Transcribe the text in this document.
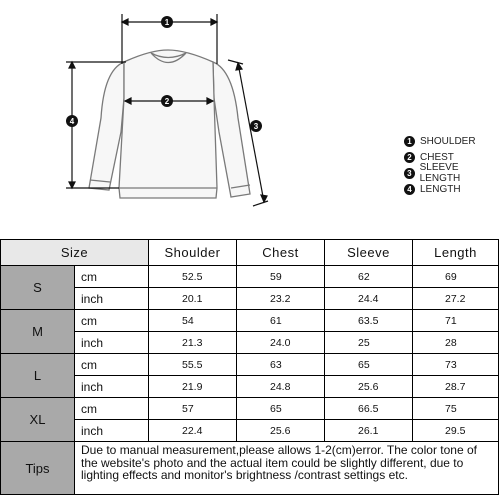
1
2
3
4
1 SHOULDER
2 CHEST
3 SLEEVE LENGTH
4 LENGTH
Size		Shoulder	Chest	Sleeve	Length
S	cm	52.5	59	62	69
	inch	20.1	23.2	24.4	27.2
M	cm	54	61	63.5	71
	inch	21.3	24.0	25	28
L	cm	55.5	63	65	73
	inch	21.9	24.8	25.6	28.7
XL	cm	57	65	66.5	75
	inch	22.4	25.6	26.1	29.5
Tips	Due to manual measurement,please allows 1-2(cm)error. The color tone of the website's photo and the actual item could be slightly different, due to lighting effects and monitor's brightness /contrast settings etc.				
